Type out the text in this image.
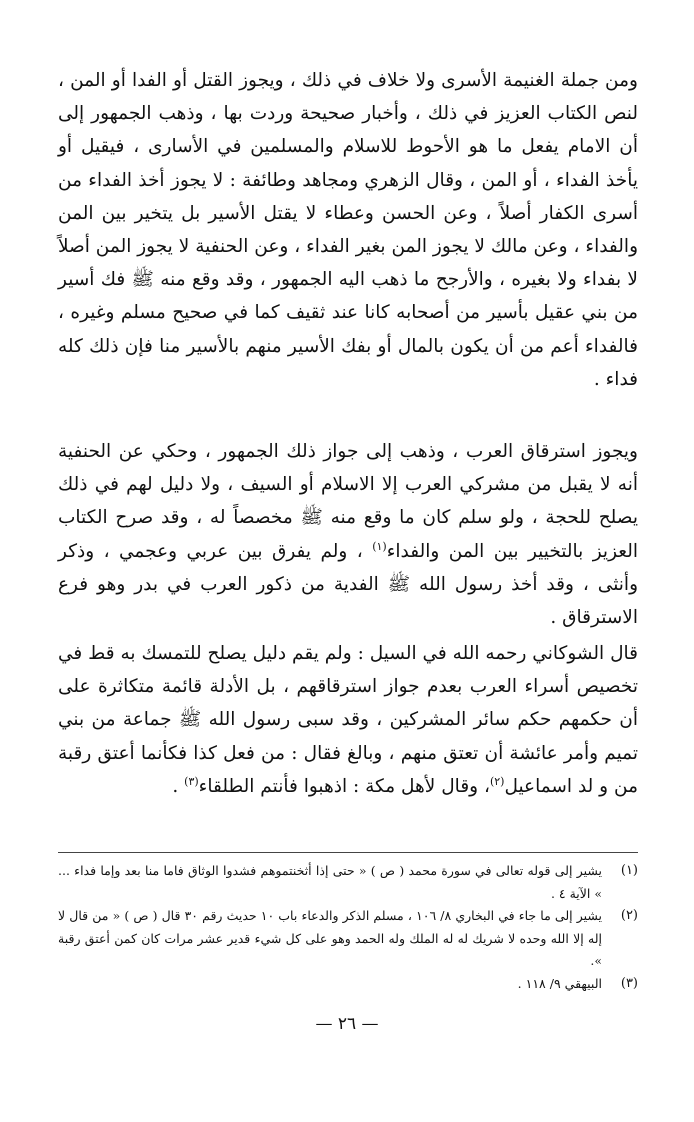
ومن جملة الغنيمة الأسرى ولا خلاف في ذلك ، ويجوز القتل أو الفدا أو المن ، لنص الكتاب العزيز في ذلك ، وأخبار صحيحة وردت بها ، وذهب الجمهور إلى أن الامام يفعل ما هو الأحوط للاسلام والمسلمين في الأسارى ، فيقيل أو يأخذ الفداء ، أو المن ، وقال الزهري ومجاهد وطائفة : لا يجوز أخذ الفداء من أسرى الكفار أصلاً ، وعن الحسن وعطاء لا يقتل الأسير بل يتخير بين المن والفداء ، وعن مالك لا يجوز المن بغير الفداء ، وعن الحنفية لا يجوز المن أصلاً لا بفداء ولا بغيره ، والأرجح ما ذهب اليه الجمهور ، وقد وقع منه ﷺ فك أسير من بني عقيل بأسير من أصحابه كانا عند ثقيف كما في صحيح مسلم وغيره ، فالفداء أعم من أن يكون بالمال أو بفك الأسير منهم بالأسير منا فإن ذلك كله فداء .

ويجوز استرقاق العرب ، وذهب إلى جواز ذلك الجمهور ، وحكي عن الحنفية أنه لا يقبل من مشركي العرب إلا الاسلام أو السيف ، ولا دليل لهم في ذلك يصلح للحجة ، ولو سلم كان ما وقع منه ﷺ مخصصاً له ، وقد صرح الكتاب العزيز بالتخيير بين المن والفداء$^{(١)}$ ، ولم يفرق بين عربي وعجمي ، وذكر وأنثى ، وقد أخذ رسول الله ﷺ الفدية من ذكور العرب في بدر وهو فرع الاسترقاق .

قال الشوكاني رحمه الله في السيل : ولم يقم دليل يصلح للتمسك به قط في تخصيص أسراء العرب بعدم جواز استرقاقهم ، بل الأدلة قائمة متكاثرة على أن حكمهم حكم سائر المشركين ، وقد سبى رسول الله ﷺ جماعة من بني تميم وأمر عائشة أن تعتق منهم ، وبالغ فقال : من فعل كذا فكأنما أعتق رقبة من و لد اسماعيل$^{(٢)}$، وقال لأهل مكة : اذهبوا فأنتم الطلقاء$^{(٣)}$ .

(١)
يشير إلى قوله تعالى في سورة محمد ( ص ) « حتى إذا أثخنتموهم فشدوا الوثاق فاما منا بعد وإما فداء ... » الآية ٤ .
(٢)
يشير إلى ما جاء في البخاري ٨/ ١٠٦ ، مسلم الذكر والدعاء باب ١٠ حديث رقم ٣٠ قال ( ص ) « من قال لا إله إلا الله وحده لا شريك له له الملك وله الحمد وهو على كل شيء قدير عشر مرات كان كمن أعتق رقبة ».
(٣)
البيهقي ٩/ ١١٨ .
— ٢٦ —
